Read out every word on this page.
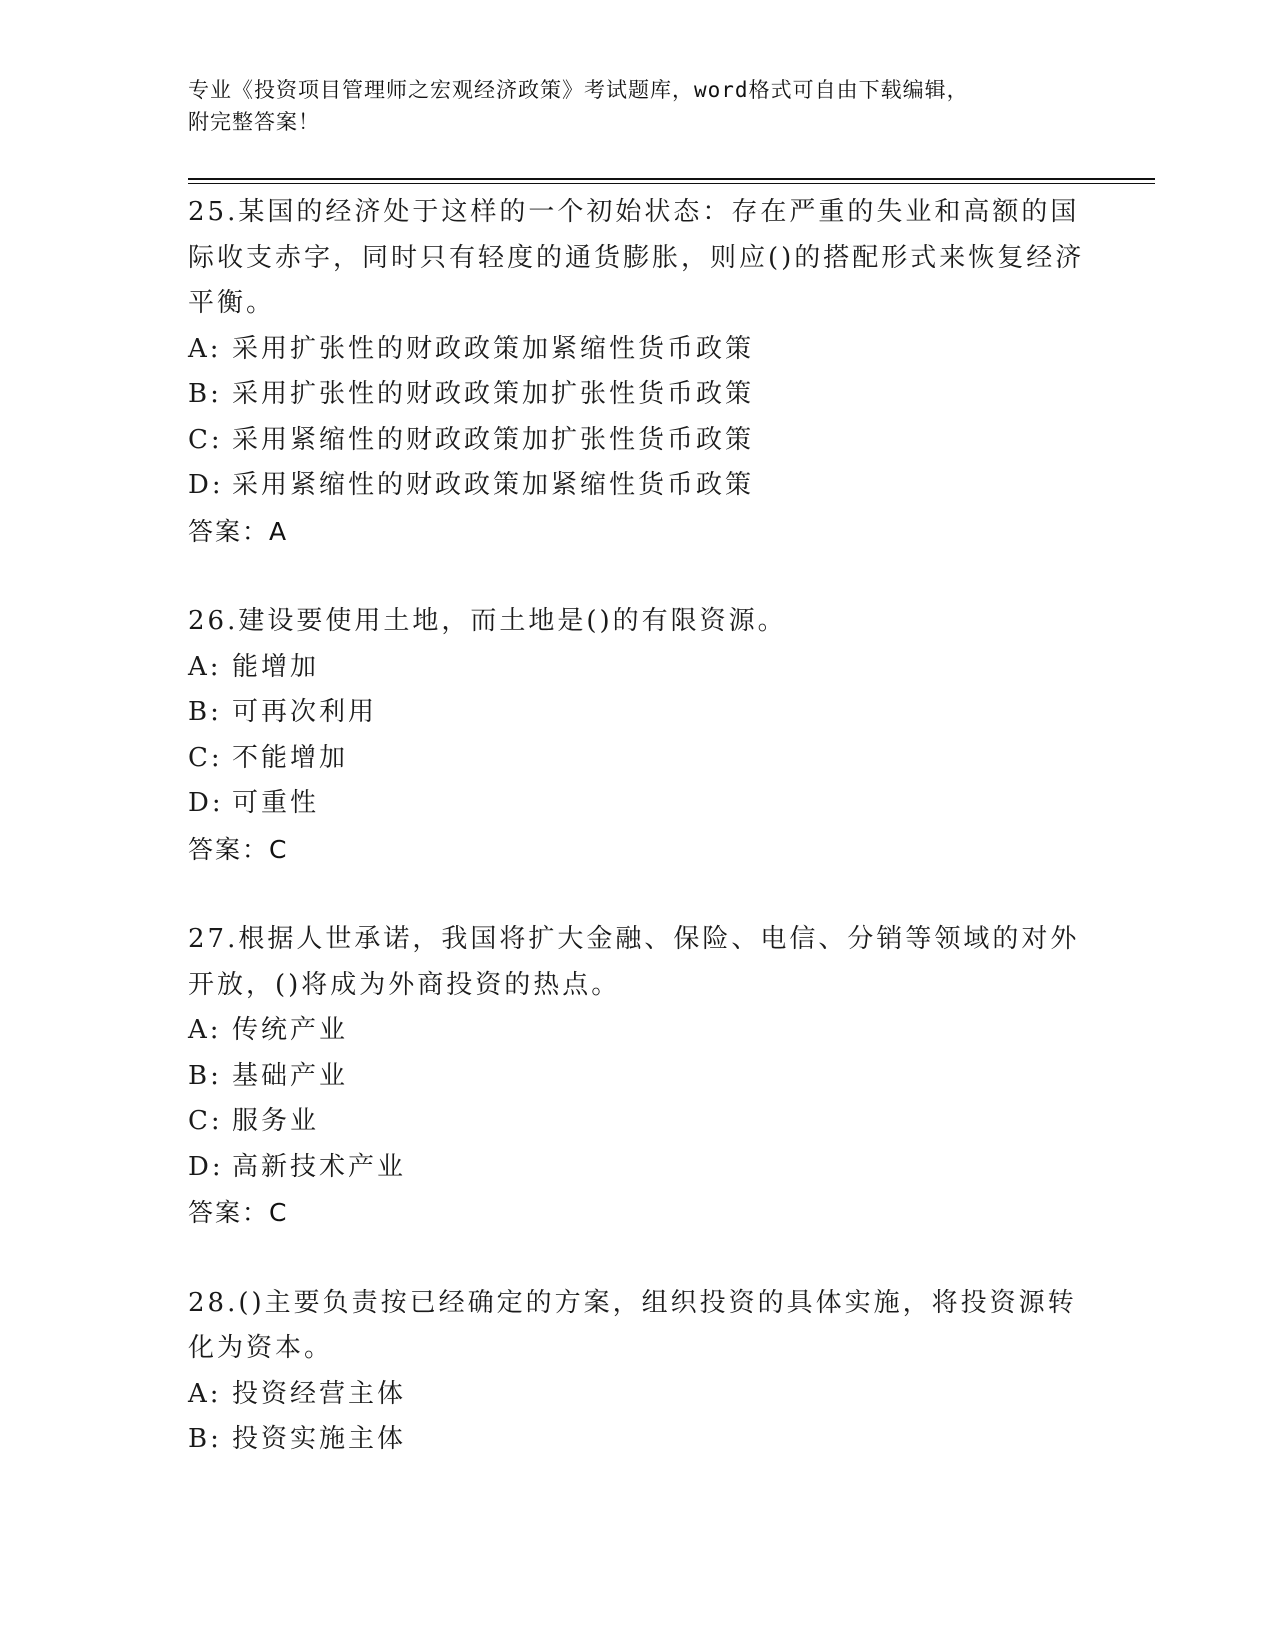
专业《投资项目管理师之宏观经济政策》考试题库，word格式可自由下载编辑，
附完整答案！

25.某国的经济处于这样的一个初始状态：存在严重的失业和高额的国际收支赤字，同时只有轻度的通货膨胀，则应()的搭配形式来恢复经济平衡。

A: 采用扩张性的财政政策加紧缩性货币政策
B: 采用扩张性的财政政策加扩张性货币政策
C: 采用紧缩性的财政政策加扩张性货币政策
D: 采用紧缩性的财政政策加紧缩性货币政策
答案：A

26.建设要使用土地，而土地是()的有限资源。

A: 能增加
B: 可再次利用
C: 不能增加
D: 可重性
答案：C

27.根据人世承诺，我国将扩大金融、保险、电信、分销等领域的对外开放，()将成为外商投资的热点。

A: 传统产业
B: 基础产业
C: 服务业
D: 高新技术产业
答案：C

28.()主要负责按已经确定的方案，组织投资的具体实施，将投资源转化为资本。

A: 投资经营主体
B: 投资实施主体
